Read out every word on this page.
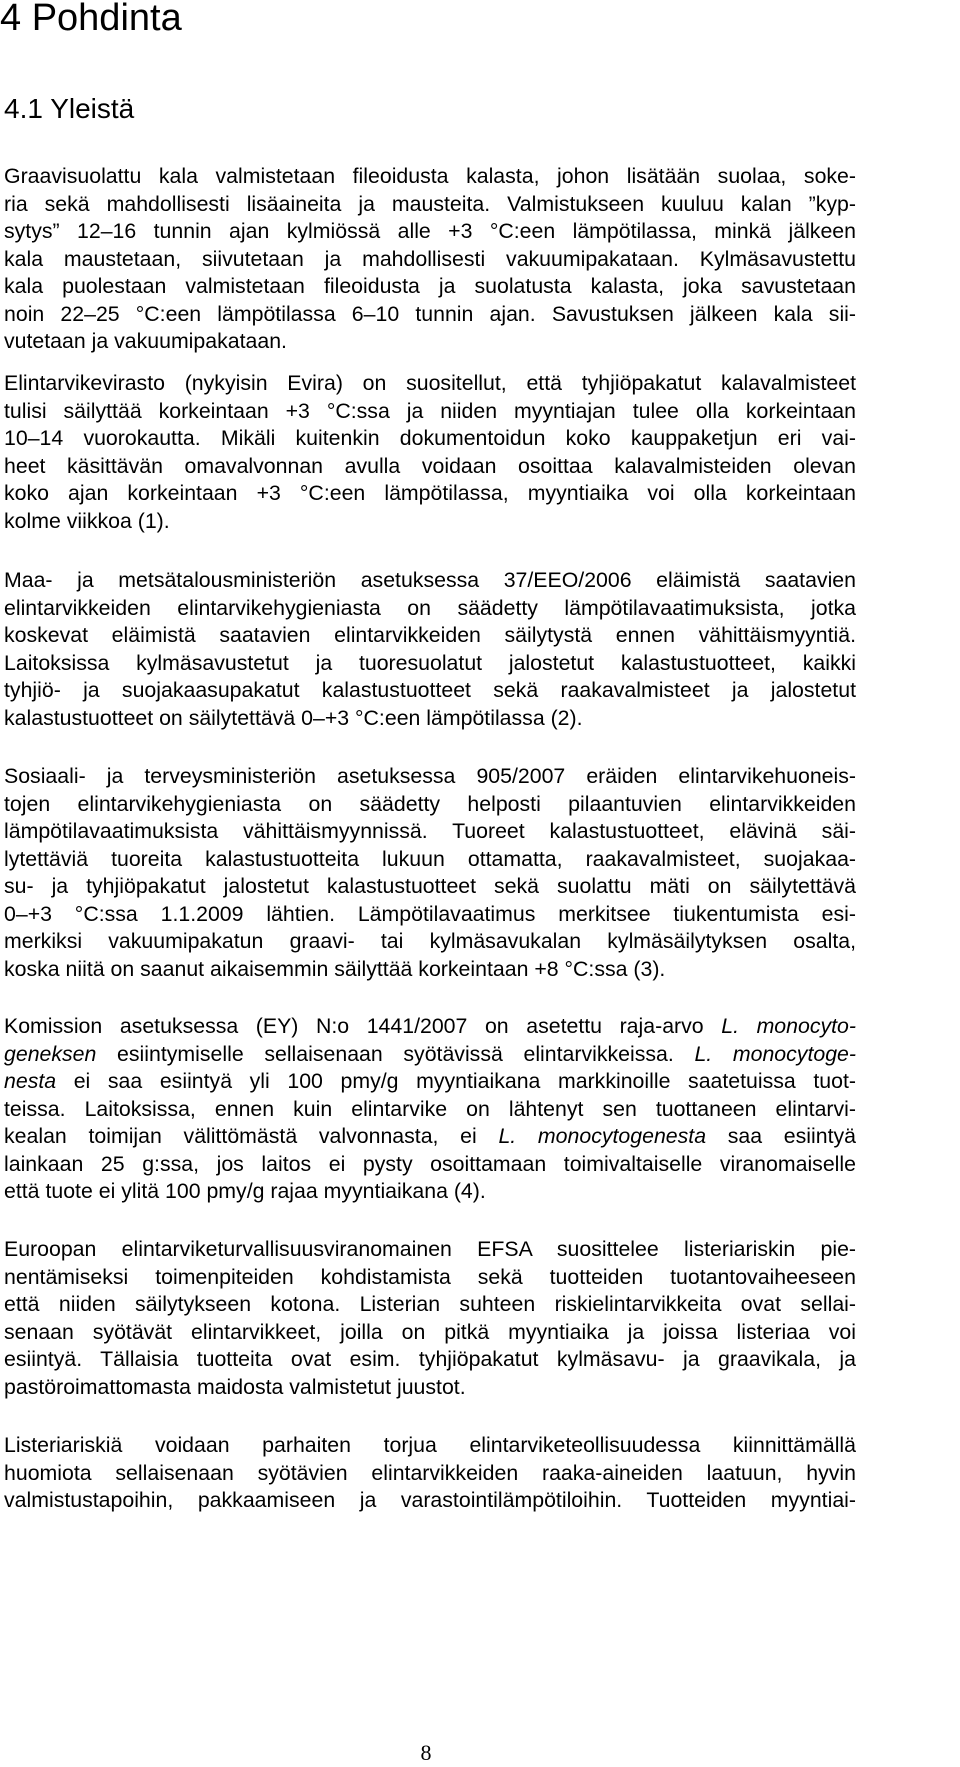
4 Pohdinta
4.1 Yleistä
Graavisuolattu kala valmistetaan fileoidusta kalasta, johon lisätään suolaa, soke-
ria sekä mahdollisesti lisäaineita ja mausteita. Valmistukseen kuuluu kalan ”kyp-
sytys” 12–16 tunnin ajan kylmiössä alle +3 °C:een lämpötilassa, minkä jälkeen
kala maustetaan, siivutetaan ja mahdollisesti vakuumipakataan. Kylmäsavustettu
kala puolestaan valmistetaan fileoidusta ja suolatusta kalasta, joka savustetaan
noin 22–25 °C:een lämpötilassa 6–10 tunnin ajan. Savustuksen jälkeen kala sii-
vutetaan ja vakuumipakataan.
Elintarvikevirasto (nykyisin Evira) on suositellut, että tyhjiöpakatut kalavalmisteet
tulisi säilyttää korkeintaan +3 °C:ssa ja niiden myyntiajan tulee olla korkeintaan
10–14 vuorokautta. Mikäli kuitenkin dokumentoidun koko kauppaketjun eri vai-
heet käsittävän omavalvonnan avulla voidaan osoittaa kalavalmisteiden olevan
koko ajan korkeintaan +3 °C:een lämpötilassa, myyntiaika voi olla korkeintaan
kolme viikkoa (1).
Maa- ja metsätalousministeriön asetuksessa 37/EEO/2006 eläimistä saatavien
elintarvikkeiden elintarvikehygieniasta on säädetty lämpötilavaatimuksista, jotka
koskevat eläimistä saatavien elintarvikkeiden säilytystä ennen vähittäismyyntiä.
Laitoksissa kylmäsavustetut ja tuoresuolatut jalostetut kalastustuotteet, kaikki
tyhjiö- ja suojakaasupakatut kalastustuotteet sekä raakavalmisteet ja jalostetut
kalastustuotteet on säilytettävä 0–+3 °C:een lämpötilassa (2).
Sosiaali- ja terveysministeriön asetuksessa 905/2007 eräiden elintarvikehuoneis-
tojen elintarvikehygieniasta on säädetty helposti pilaantuvien elintarvikkeiden
lämpötilavaatimuksista vähittäismyynnissä. Tuoreet kalastustuotteet, elävinä säi-
lytettäviä tuoreita kalastustuotteita lukuun ottamatta, raakavalmisteet, suojakaa-
su- ja tyhjiöpakatut jalostetut kalastustuotteet sekä suolattu mäti on säilytettävä
0–+3 °C:ssa 1.1.2009 lähtien. Lämpötilavaatimus merkitsee tiukentumista esi-
merkiksi vakuumipakatun graavi- tai kylmäsavukalan kylmäsäilytyksen osalta,
koska niitä on saanut aikaisemmin säilyttää korkeintaan +8 °C:ssa (3).
Komission asetuksessa (EY) N:o 1441/2007 on asetettu raja-arvo L. monocyto-
geneksen esiintymiselle sellaisenaan syötävissä elintarvikkeissa. L. monocytoge-
nesta ei saa esiintyä yli 100 pmy/g myyntiaikana markkinoille saatetuissa tuot-
teissa. Laitoksissa, ennen kuin elintarvike on lähtenyt sen tuottaneen elintarvi-
kealan toimijan välittömästä valvonnasta, ei L. monocytogenesta saa esiintyä
lainkaan 25 g:ssa, jos laitos ei pysty osoittamaan toimivaltaiselle viranomaiselle
että tuote ei ylitä 100 pmy/g rajaa myyntiaikana (4).
Euroopan elintarviketurvallisuusviranomainen EFSA suosittelee listeriariskin pie-
nentämiseksi toimenpiteiden kohdistamista sekä tuotteiden tuotantovaiheeseen
että niiden säilytykseen kotona. Listerian suhteen riskielintarvikkeita ovat sellai-
senaan syötävät elintarvikkeet, joilla on pitkä myyntiaika ja joissa listeriaa voi
esiintyä. Tällaisia tuotteita ovat esim. tyhjiöpakatut kylmäsavu- ja graavikala, ja
pastöroimattomasta maidosta valmistetut juustot.
Listeriariskiä voidaan parhaiten torjua elintarviketeollisuudessa kiinnittämällä
huomiota sellaisenaan syötävien elintarvikkeiden raaka-aineiden laatuun, hyvin
valmistustapoihin, pakkaamiseen ja varastointilämpötiloihin. Tuotteiden myyntiai-
8
